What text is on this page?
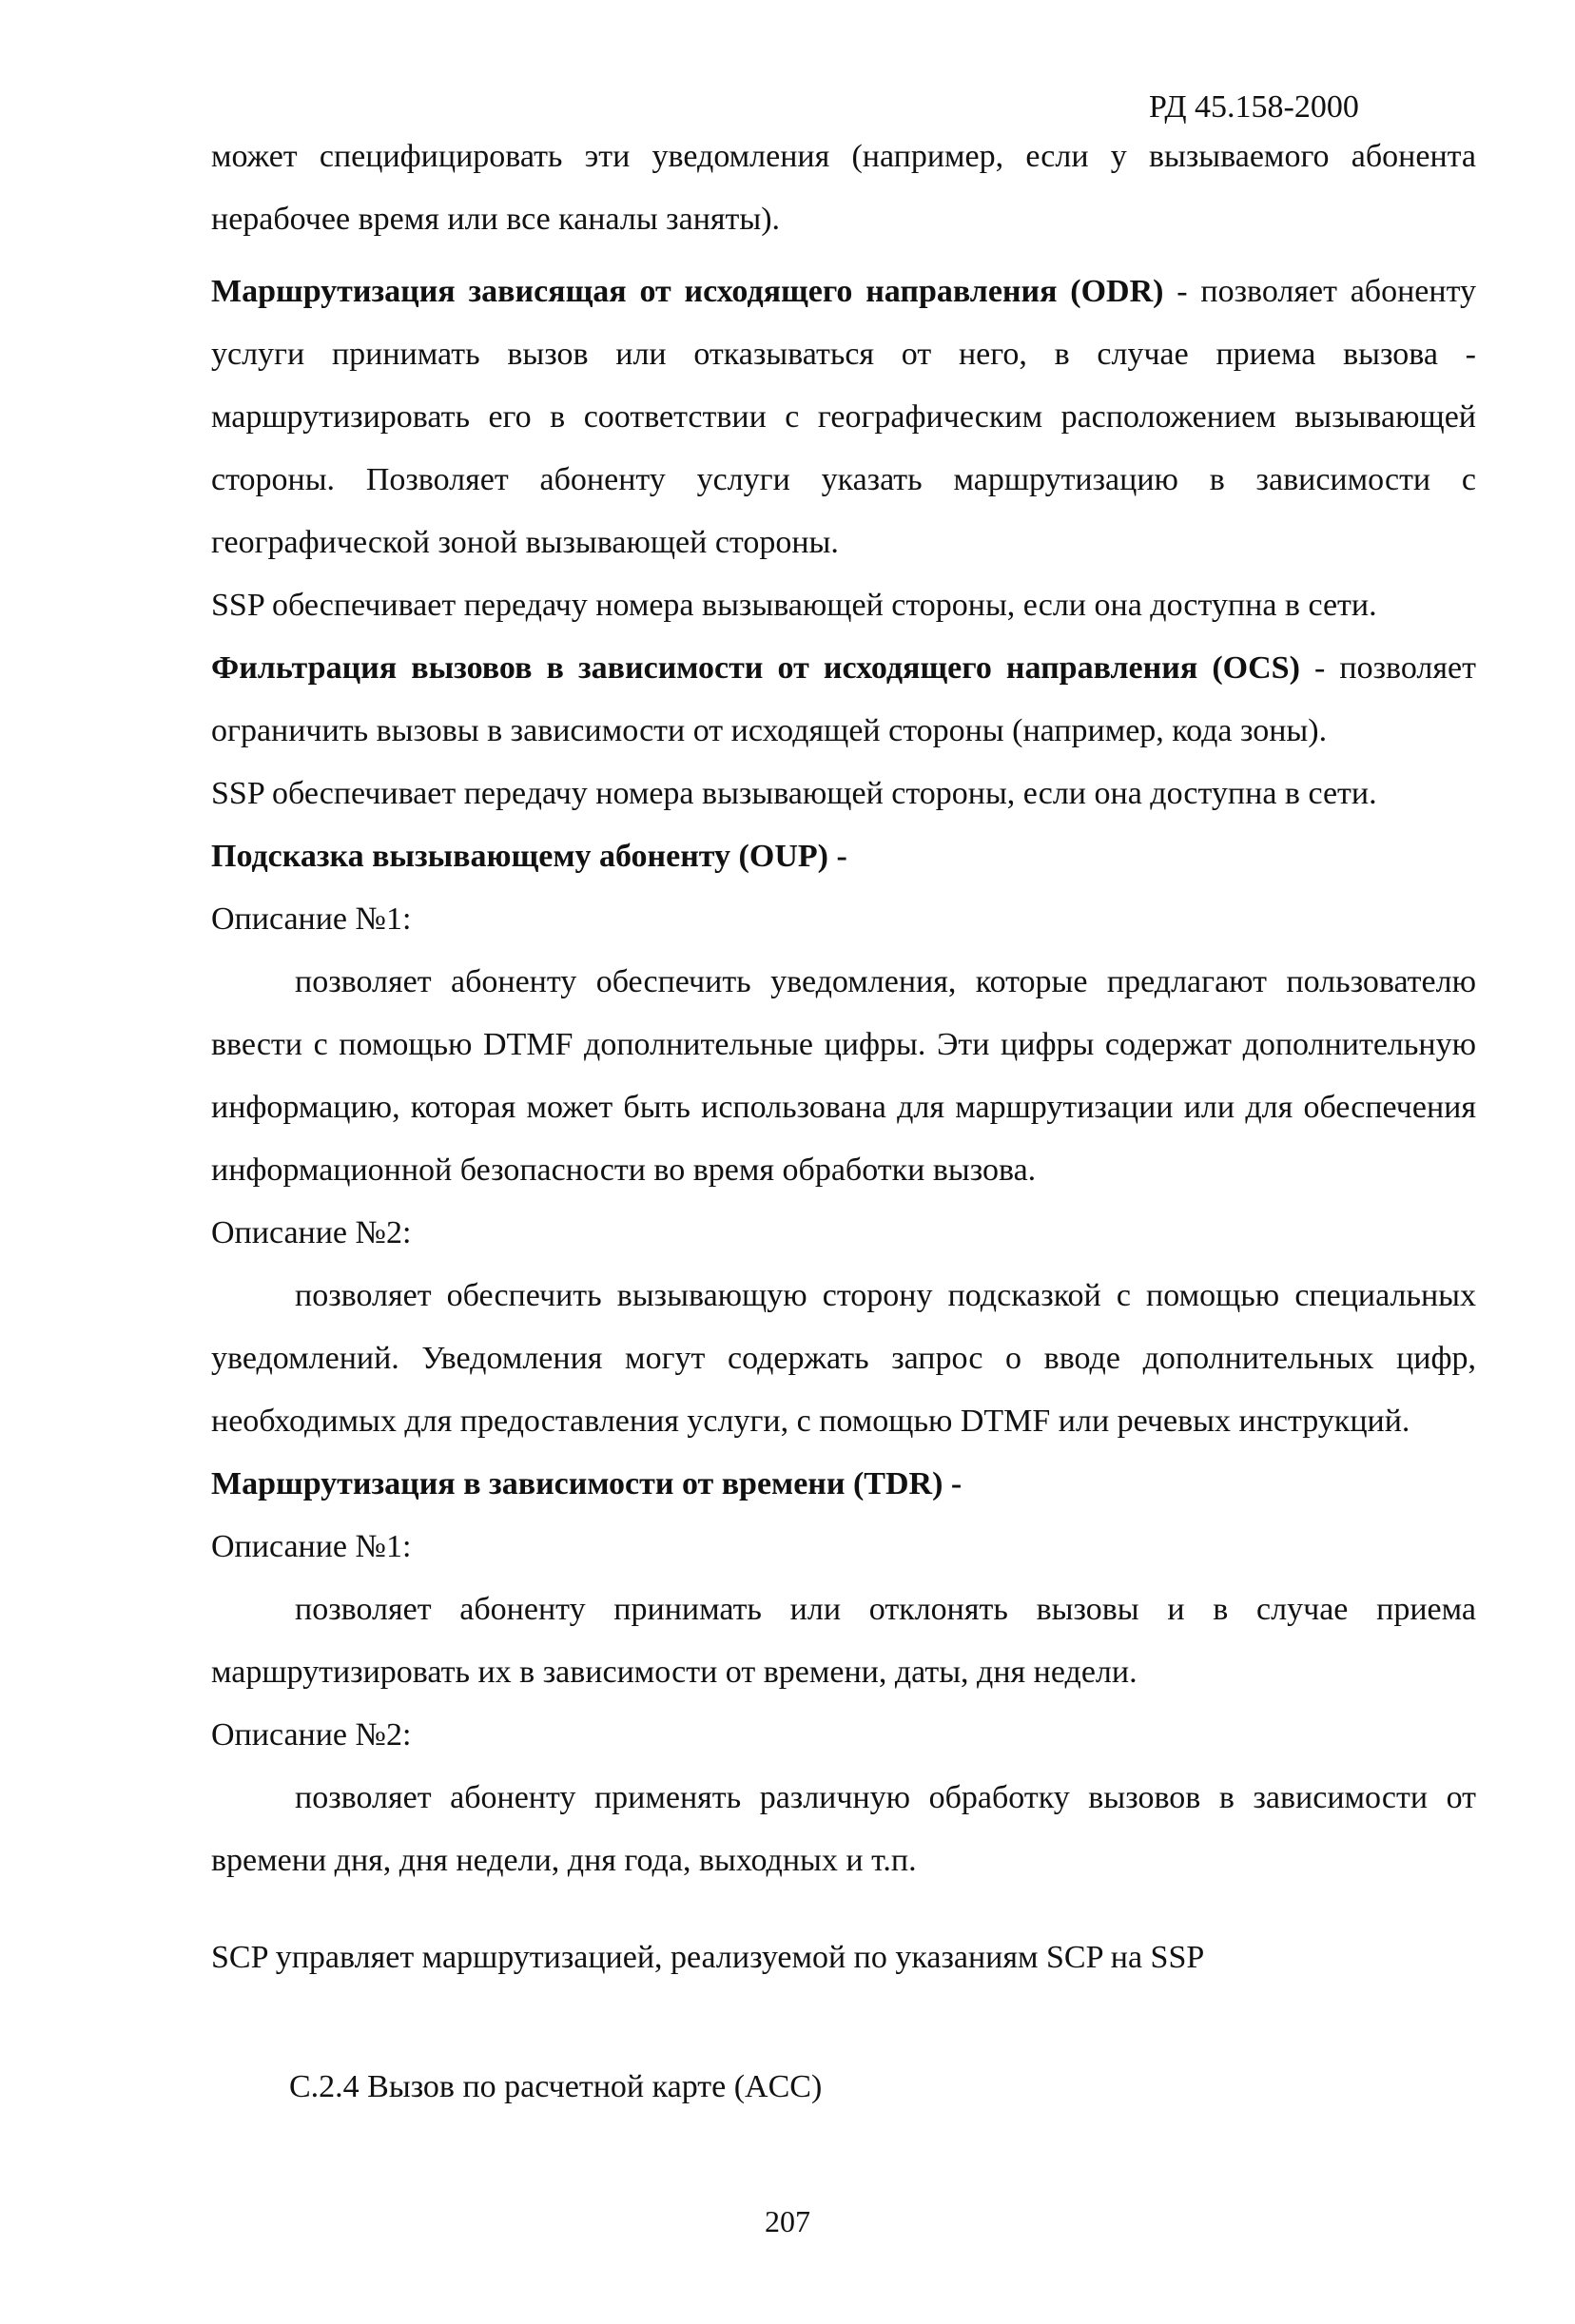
РД 45.158-2000

может специфицировать эти уведомления (например, если у вызываемого абонента нерабочее время или все каналы заняты).

Маршрутизация зависящая от исходящего направления (ODR) - позволяет абоненту услуги принимать вызов или отказываться от него, в случае приема вызова - маршрутизировать его в соответствии с географическим расположением вызывающей стороны. Позволяет абоненту услуги указать маршрутизацию в зависимости с географической зоной вызывающей стороны.

SSP обеспечивает передачу номера вызывающей стороны, если она доступна в сети.

Фильтрация вызовов в зависимости от исходящего направления (OCS) - позволяет ограничить вызовы в зависимости от исходящей стороны (например, кода зоны).

SSP обеспечивает передачу номера вызывающей стороны, если она доступна в сети.

Подсказка вызывающему абоненту (OUP) -

Описание №1:

позволяет абоненту обеспечить уведомления, которые предлагают пользователю ввести с помощью DTMF дополнительные цифры. Эти цифры содержат дополнительную информацию, которая может быть использована для маршрутизации или для обеспечения информационной безопасности во время обработки вызова.

Описание №2:

позволяет обеспечить вызывающую сторону подсказкой с помощью специальных уведомлений. Уведомления могут содержать запрос о вводе дополнительных цифр, необходимых для предоставления услуги, с помощью DTMF или речевых инструкций.

Маршрутизация в зависимости от времени (TDR) -

Описание №1:

позволяет абоненту принимать или отклонять вызовы и в случае приема маршрутизировать их в зависимости от времени, даты, дня недели.

Описание №2:

позволяет абоненту применять различную обработку вызовов в зависимости от времени дня, дня недели, дня года, выходных и т.п.

SCP управляет маршрутизацией, реализуемой по указаниям SCP на SSP

С.2.4 Вызов по расчетной карте (ACC)

207
